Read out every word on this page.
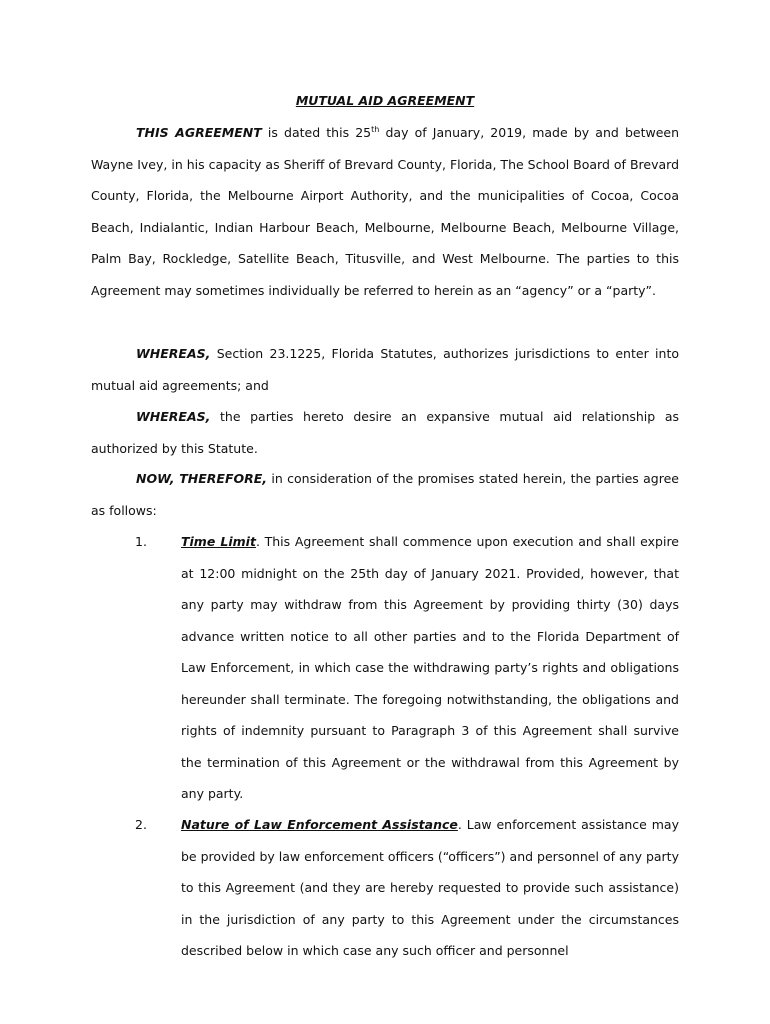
MUTUAL AID AGREEMENT

THIS AGREEMENT is dated this 25th day of January, 2019, made by and between Wayne Ivey, in his capacity as Sheriff of Brevard County, Florida, The School Board of Brevard County, Florida, the Melbourne Airport Authority, and the municipalities of Cocoa, Cocoa Beach, Indialantic, Indian Harbour Beach, Melbourne, Melbourne Beach, Melbourne Village, Palm Bay, Rockledge, Satellite Beach, Titusville, and West Melbourne. The parties to this Agreement may sometimes individually be referred to herein as an “agency” or a “party”.

WHEREAS, Section 23.1225, Florida Statutes, authorizes jurisdictions to enter into mutual aid agreements; and

WHEREAS, the parties hereto desire an expansive mutual aid relationship as authorized by this Statute.

NOW, THEREFORE, in consideration of the promises stated herein, the parties agree as follows:

1.	Time Limit. This Agreement shall commence upon execution and shall expire at 12:00 midnight on the 25th day of January 2021. Provided, however, that any party may withdraw from this Agreement by providing thirty (30) days advance written notice to all other parties and to the Florida Department of Law Enforcement, in which case the withdrawing party’s rights and obligations hereunder shall terminate. The foregoing notwithstanding, the obligations and rights of indemnity pursuant to Paragraph 3 of this Agreement shall survive the termination of this Agreement or the withdrawal from this Agreement by any party.

2.	Nature of Law Enforcement Assistance. Law enforcement assistance may be provided by law enforcement officers (“officers”) and personnel of any party to this Agreement (and they are hereby requested to provide such assistance) in the jurisdiction of any party to this Agreement under the circumstances described below in which case any such officer and personnel
